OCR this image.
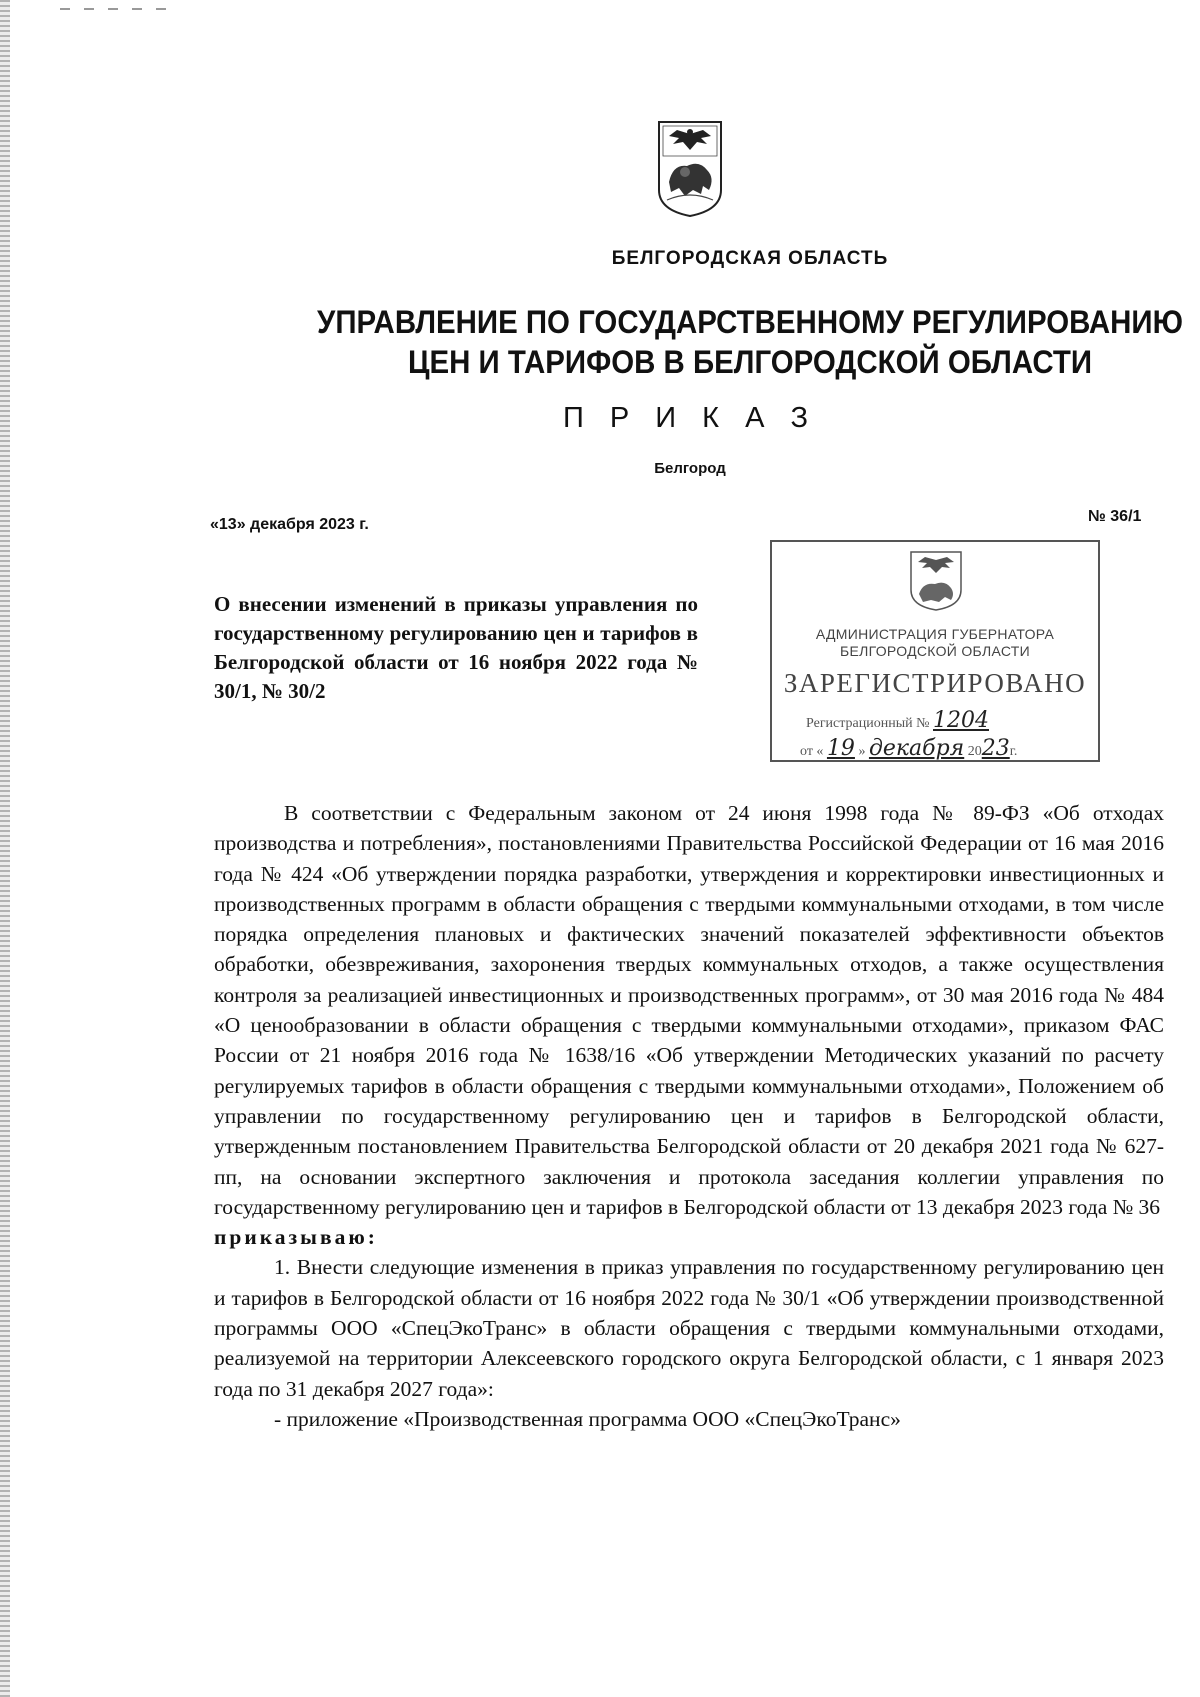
БЕЛГОРОДСКАЯ ОБЛАСТЬ
УПРАВЛЕНИЕ ПО ГОСУДАРСТВЕННОМУ РЕГУЛИРОВАНИЮ
ЦЕН И ТАРИФОВ В БЕЛГОРОДСКОЙ ОБЛАСТИ
П Р И К А З
Белгород
«13» декабря 2023 г.	№ 36/1
О внесении изменений в приказы управления по государственному регулированию цен и тарифов в Белгородской области от 16 ноября 2022 года № 30/1, № 30/2
АДМИНИСТРАЦИЯ ГУБЕРНАТОРА
БЕЛГОРОДСКОЙ ОБЛАСТИ
ЗАРЕГИСТРИРОВАНО
Регистрационный № 1204
от « 19 » декабря 2023г.

В соответствии с Федеральным законом от 24 июня 1998 года № 89-ФЗ «Об отходах производства и потребления», постановлениями Правительства Российской Федерации от 16 мая 2016 года № 424 «Об утверждении порядка разработки, утверждения и корректировки инвестиционных и производственных программ в области обращения с твердыми коммунальными отходами, в том числе порядка определения плановых и фактических значений показателей эффективности объектов обработки, обезвреживания, захоронения твердых коммунальных отходов, а также осуществления контроля за реализацией инвестиционных и производственных программ», от 30 мая 2016 года № 484 «О ценообразовании в области обращения с твердыми коммунальными отходами», приказом ФАС России от 21 ноября 2016 года № 1638/16 «Об утверждении Методических указаний по расчету регулируемых тарифов в области обращения с твердыми коммунальными отходами», Положением об управлении по государственному регулированию цен и тарифов в Белгородской области, утвержденным постановлением Правительства Белгородской области от 20 декабря 2021 года № 627-пп, на основании экспертного заключения и протокола заседания коллегии управления по государственному регулированию цен и тарифов в Белгородской области от 13 декабря 2023 года № 36

приказываю:

1. Внести следующие изменения в приказ управления по государственному регулированию цен и тарифов в Белгородской области от 16 ноября 2022 года № 30/1 «Об утверждении производственной программы ООО «СпецЭкоТранс» в области обращения с твердыми коммунальными отходами, реализуемой на территории Алексеевского городского округа Белгородской области, с 1 января 2023 года по 31 декабря 2027 года»:

- приложение «Производственная программа ООО «СпецЭкоТранс»
